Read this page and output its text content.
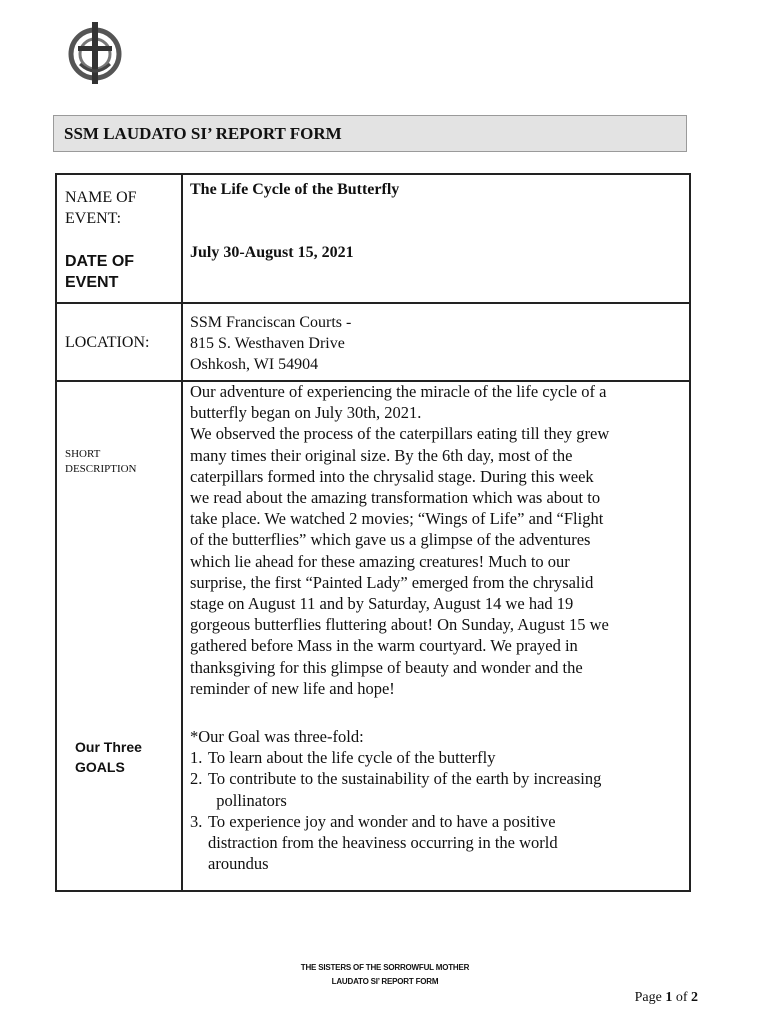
SSM LAUDATO SI’ REPORT FORM
NAME OF EVENT:
The Life Cycle of the Butterfly
DATE OF EVENT
July 30-August 15, 2021
LOCATION:
SSM Franciscan Courts -
815 S. Westhaven Drive
Oshkosh, WI 54904
SHORT DESCRIPTION
Our adventure of experiencing the miracle of the life cycle of a
butterfly began on July 30th, 2021.
We observed the process of the caterpillars eating till they grew
many times their original size. By the 6th day, most of the
caterpillars formed into the chrysalid stage. During this week
we read about the amazing transformation which was about to
take place. We watched 2 movies; “Wings of Life” and “Flight
of the butterflies” which gave us a glimpse of the adventures
which lie ahead for these amazing creatures! Much to our
surprise, the first “Painted Lady” emerged from the chrysalid
stage on August 11 and by Saturday, August 14 we had 19
gorgeous butterflies fluttering about! On Sunday, August 15 we
gathered before Mass in the warm courtyard. We prayed in
thanksgiving for this glimpse of beauty and wonder and the
reminder of new life and hope!
Our Three GOALS
*Our Goal was three-fold:
1. To learn about the life cycle of the butterfly
2. To contribute to the sustainability of the earth by increasing
pollinators
3. To experience joy and wonder and to have a positive
distraction from the heaviness occurring in the world
aroundus
THE SISTERS OF THE SORROWFUL MOTHER
LAUDATO SI’ REPORT FORM
Page 1 of 2
